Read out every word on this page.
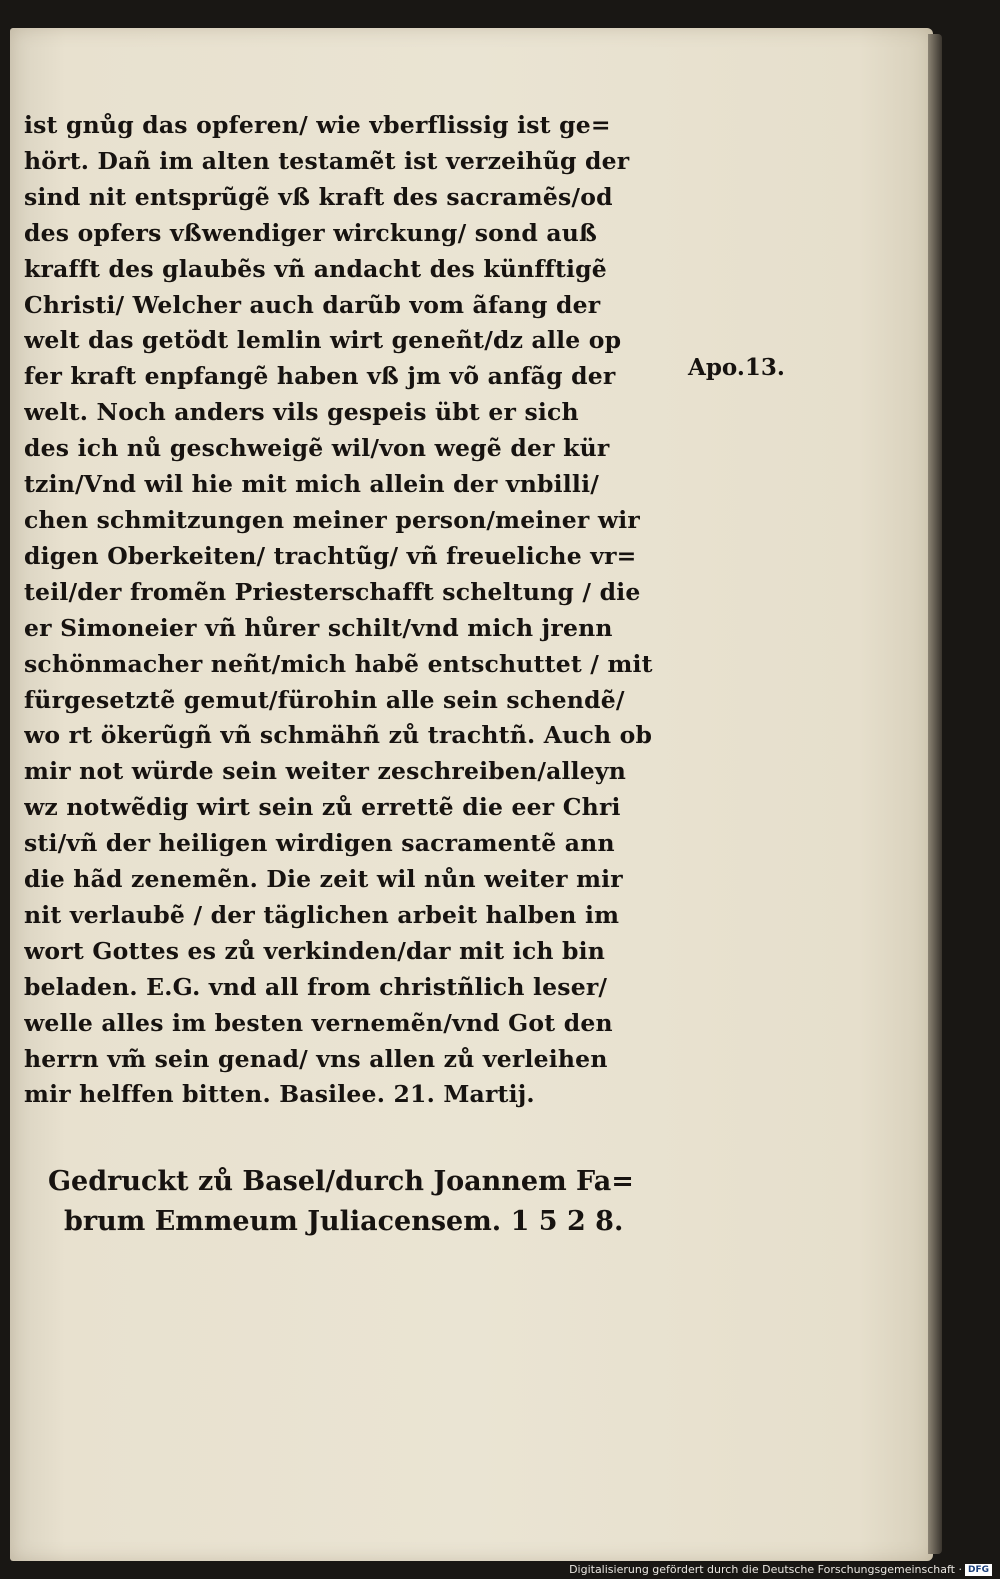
ist gnůg das opferen/ wie vberflissig ist ge=
hört. Dañ im alten testamẽt ist verzeihũg der
sind nit entsprũgẽ vß kraft des sacramẽs/od
des opfers vßwendiger wirckung/ sond auß
krafft des glaubẽs vñ andacht des künfftigẽ
Christi/ Welcher auch darũb vom ãfang der
welt das getödt lemlin wirt geneñt/dz alle op
fer kraft enpfangẽ haben vß jm võ anfãg der
welt. Noch anders vils gespeis übt er sich
des ich nů geschweigẽ wil/von wegẽ der kür
tzin/Vnd wil hie mit mich allein der vnbilli/
chen schmitzungen meiner person/meiner wir
digen Oberkeiten/ trachtũg/ vñ freueliche vr=
teil/der fromẽn Priesterschafft scheltung / die
er Simoneier vñ hůrer schilt/vnd mich jrenn
schönmacher neñt/mich habẽ entschuttet / mit
fürgesetztẽ gemut/fürohin alle sein schendẽ/
wo rt ökerũgñ vñ schmähñ zů trachtñ. Auch ob
mir not würde sein weiter zeschreiben/alleyn
wz notwẽdig wirt sein zů errettẽ die eer Chri
sti/vñ der heiligen wirdigen sacramentẽ ann
die hãd zenemẽn. Die zeit wil nůn weiter mir
nit verlaubẽ / der täglichen arbeit halben im
wort Gottes es zů verkinden/dar mit ich bin
beladen. E.G. vnd all from christñlich leser/
welle alles im besten vernemẽn/vnd Got den
herrn vm̃ sein genad/ vns allen zů verleihen
mir helffen bitten. Basilee. 21. Martij.
Apo.13.
Gedruckt zů Basel/durch Joannem Fa=
brum Emmeum Juliacensem. 1 5 2 8.
Digitalisierung gefördert durch die Deutsche Forschungsgemeinschaft · DFG
